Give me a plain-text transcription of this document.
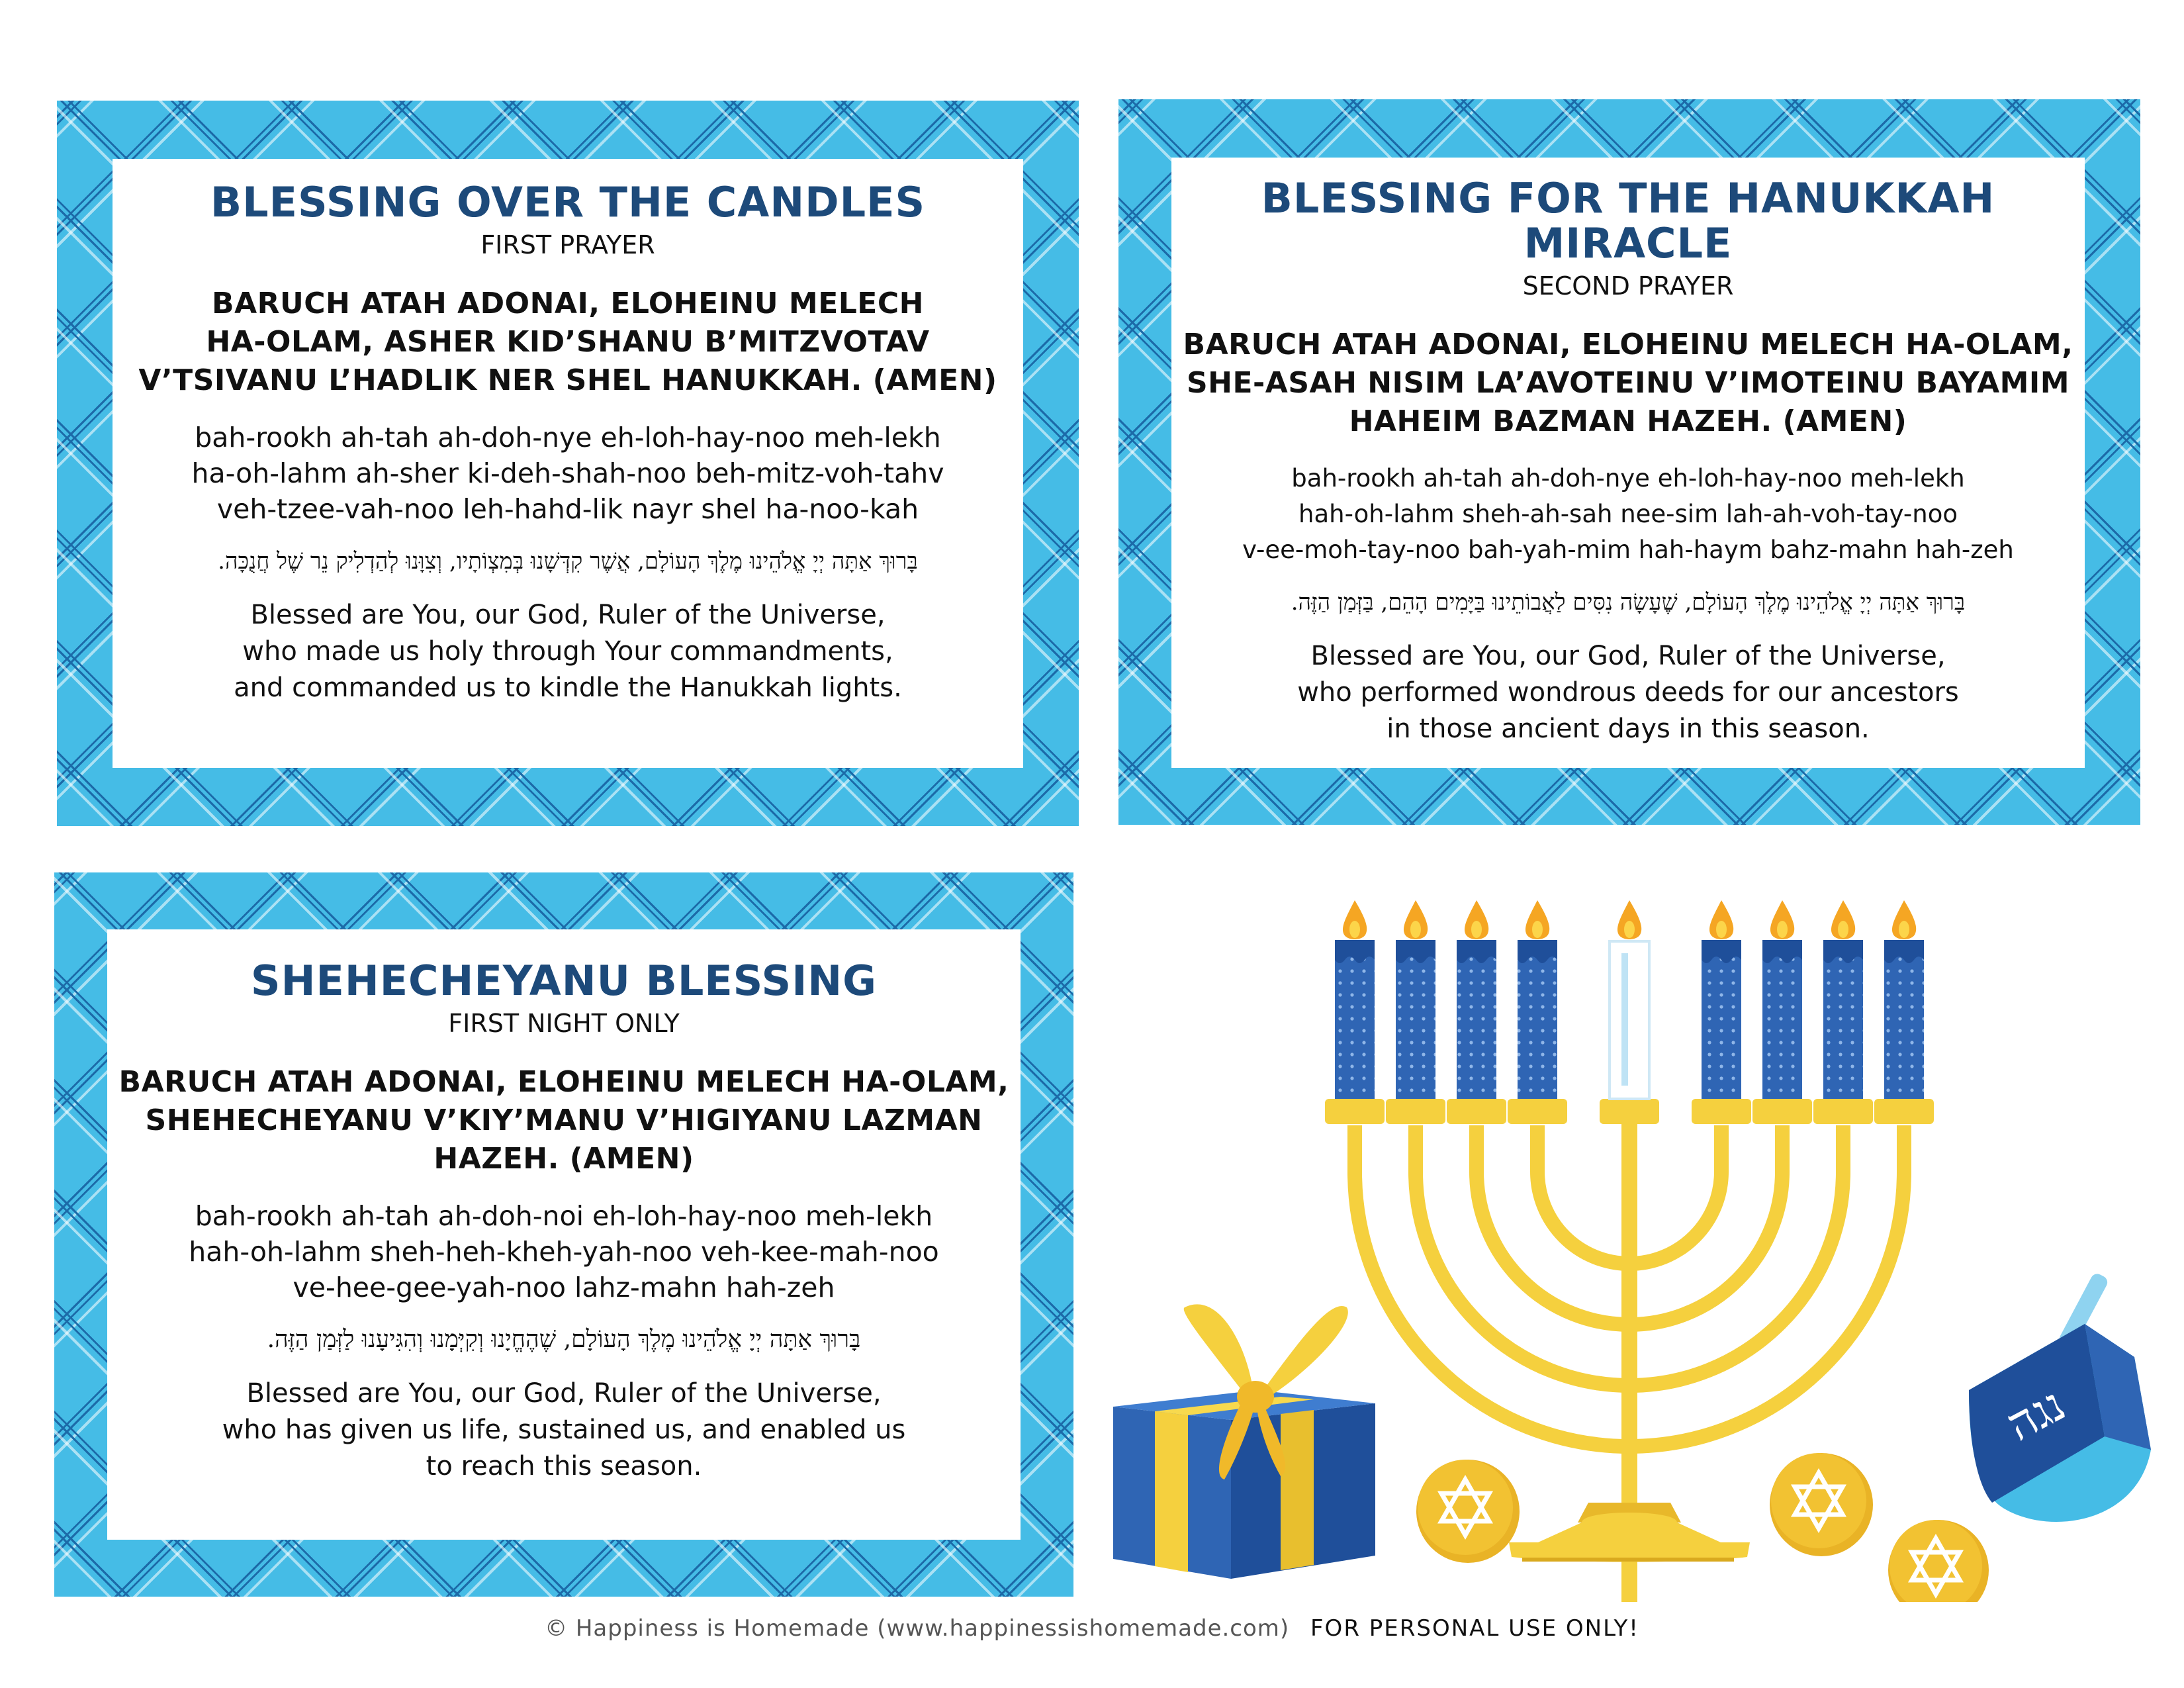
BLESSING OVER THE CANDLES
FIRST PRAYER
BARUCH ATAH ADONAI, ELOHEINU MELECH
HA-OLAM, ASHER KID’SHANU B’MITZVOTAV
V’TSIVANU L’HADLIK NER SHEL HANUKKAH. (AMEN)
bah-rookh ah-tah ah-doh-nye eh-loh-hay-noo meh-lekh
ha-oh-lahm ah-sher ki-deh-shah-noo beh-mitz-voh-tahv
veh-tzee-vah-noo leh-hahd-lik nayr shel ha-noo-kah
בָּרוּךְ אַתָּה יְיָ אֱלֹהֵינוּ מֶלֶךְ הָעוֹלָם, אֲשֶׁר קִדְּשָׁנוּ בְּמִצְוֹתָיו, וְצִוָּנוּ לְהַדְלִיק נֵר שֶׁל חֲנֻכָּה.
Blessed are You, our God, Ruler of the Universe,
who made us holy through Your commandments,
and commanded us to kindle the Hanukkah lights.
BLESSING FOR THE HANUKKAH MIRACLE
SECOND PRAYER
BARUCH ATAH ADONAI, ELOHEINU MELECH HA-OLAM,
SHE-ASAH NISIM LA’AVOTEINU V’IMOTEINU BAYAMIM
HAHEIM BAZMAN HAZEH. (AMEN)
bah-rookh ah-tah ah-doh-nye eh-loh-hay-noo meh-lekh
hah-oh-lahm sheh-ah-sah nee-sim lah-ah-voh-tay-noo
v-ee-moh-tay-noo bah-yah-mim hah-haym bahz-mahn hah-zeh
בָּרוּךְ אַתָּה יְיָ אֱלֹהֵינוּ מֶלֶךְ הָעוֹלָם, שֶׁעָשָׂה נִסִּים לַאֲבוֹתֵינוּ בַּיָּמִים הָהֵם, בַּזְּמַן הַזֶּה.
Blessed are You, our God, Ruler of the Universe,
who performed wondrous deeds for our ancestors
in those ancient days in this season.
SHEHECHEYANU BLESSING
FIRST NIGHT ONLY
BARUCH ATAH ADONAI, ELOHEINU MELECH HA-OLAM,
SHEHECHEYANU V’KIY’MANU V’HIGIYANU LAZMAN
HAZEH. (AMEN)
bah-rookh ah-tah ah-doh-noi eh-loh-hay-noo meh-lekh
hah-oh-lahm sheh-heh-kheh-yah-noo veh-kee-mah-noo
ve-hee-gee-yah-noo lahz-mahn hah-zeh
בָּרוּךְ אַתָּה יְיָ אֱלֹהֵינוּ מֶלֶךְ הָעוֹלָם, שֶׁהֶחֱיָנוּ וְקִיְּמָנוּ וְהִגִּיעָנוּ לַזְּמַן הַזֶּה.
Blessed are You, our God, Ruler of the Universe,
who has given us life, sustained us, and enabled us
to reach this season.
נגה
© Happiness is Homemade (www.happinessishomemade.com) FOR PERSONAL USE ONLY!
